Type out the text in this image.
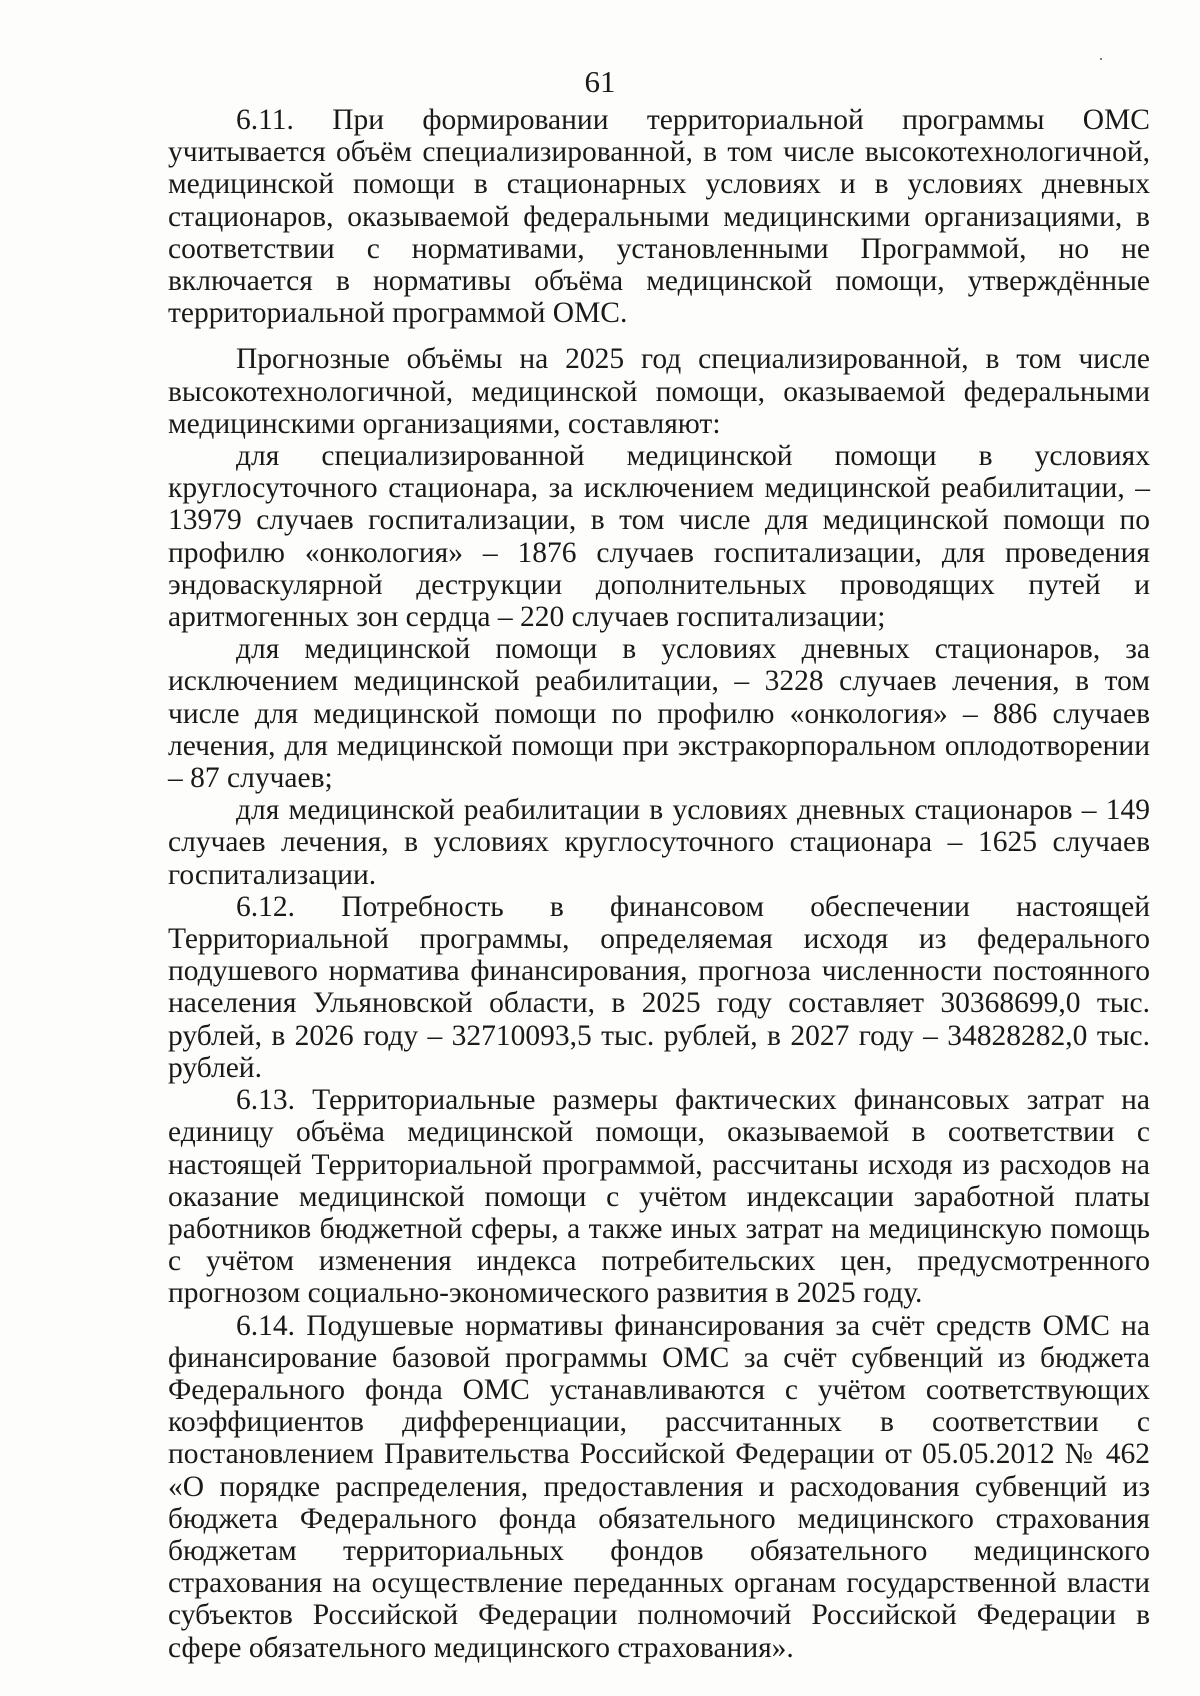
61

6.11. При формировании территориальной программы ОМС учитывается объём специализированной, в том числе высокотехнологичной, медицинской помощи в стационарных условиях и в условиях дневных стационаров, оказываемой федеральными медицинскими организациями, в соответствии с нормативами, установленными Программой, но не включается в нормативы объёма медицинской помощи, утверждённые территориальной программой ОМС.

Прогнозные объёмы на 2025 год специализированной, в том числе высокотехнологичной, медицинской помощи, оказываемой федеральными медицинскими организациями, составляют:

для специализированной медицинской помощи в условиях круглосуточного стационара, за исключением медицинской реабилитации, – 13979 случаев госпитализации, в том числе для медицинской помощи по профилю «онкология» – 1876 случаев госпитализации, для проведения эндоваскулярной деструкции дополнительных проводящих путей и аритмогенных зон сердца – 220 случаев госпитализации;

для медицинской помощи в условиях дневных стационаров, за исключением медицинской реабилитации, – 3228 случаев лечения, в том числе для медицинской помощи по профилю «онкология» – 886 случаев лечения, для медицинской помощи при экстракорпоральном оплодотворении – 87 случаев;

для медицинской реабилитации в условиях дневных стационаров – 149 случаев лечения, в условиях круглосуточного стационара – 1625 случаев госпитализации.

6.12. Потребность в финансовом обеспечении настоящей Территориальной программы, определяемая исходя из федерального подушевого норматива финансирования, прогноза численности постоянного населения Ульяновской области, в 2025 году составляет 30368699,0 тыс. рублей, в 2026 году – 32710093,5 тыс. рублей, в 2027 году – 34828282,0 тыс. рублей.

6.13. Территориальные размеры фактических финансовых затрат на единицу объёма медицинской помощи, оказываемой в соответствии с настоящей Территориальной программой, рассчитаны исходя из расходов на оказание медицинской помощи с учётом индексации заработной платы работников бюджетной сферы, а также иных затрат на медицинскую помощь с учётом изменения индекса потребительских цен, предусмотренного прогнозом социально-экономического развития в 2025 году.

6.14. Подушевые нормативы финансирования за счёт средств ОМС на финансирование базовой программы ОМС за счёт субвенций из бюджета Федерального фонда ОМС устанавливаются с учётом соответствующих коэффициентов дифференциации, рассчитанных в соответствии с постановлением Правительства Российской Федерации от 05.05.2012 № 462 «О порядке распределения, предоставления и расходования субвенций из бюджета Федерального фонда обязательного медицинского страхования бюджетам территориальных фондов обязательного медицинского страхования на осуществление переданных органам государственной власти субъектов Российской Федерации полномочий Российской Федерации в сфере обязательного медицинского страхования».
